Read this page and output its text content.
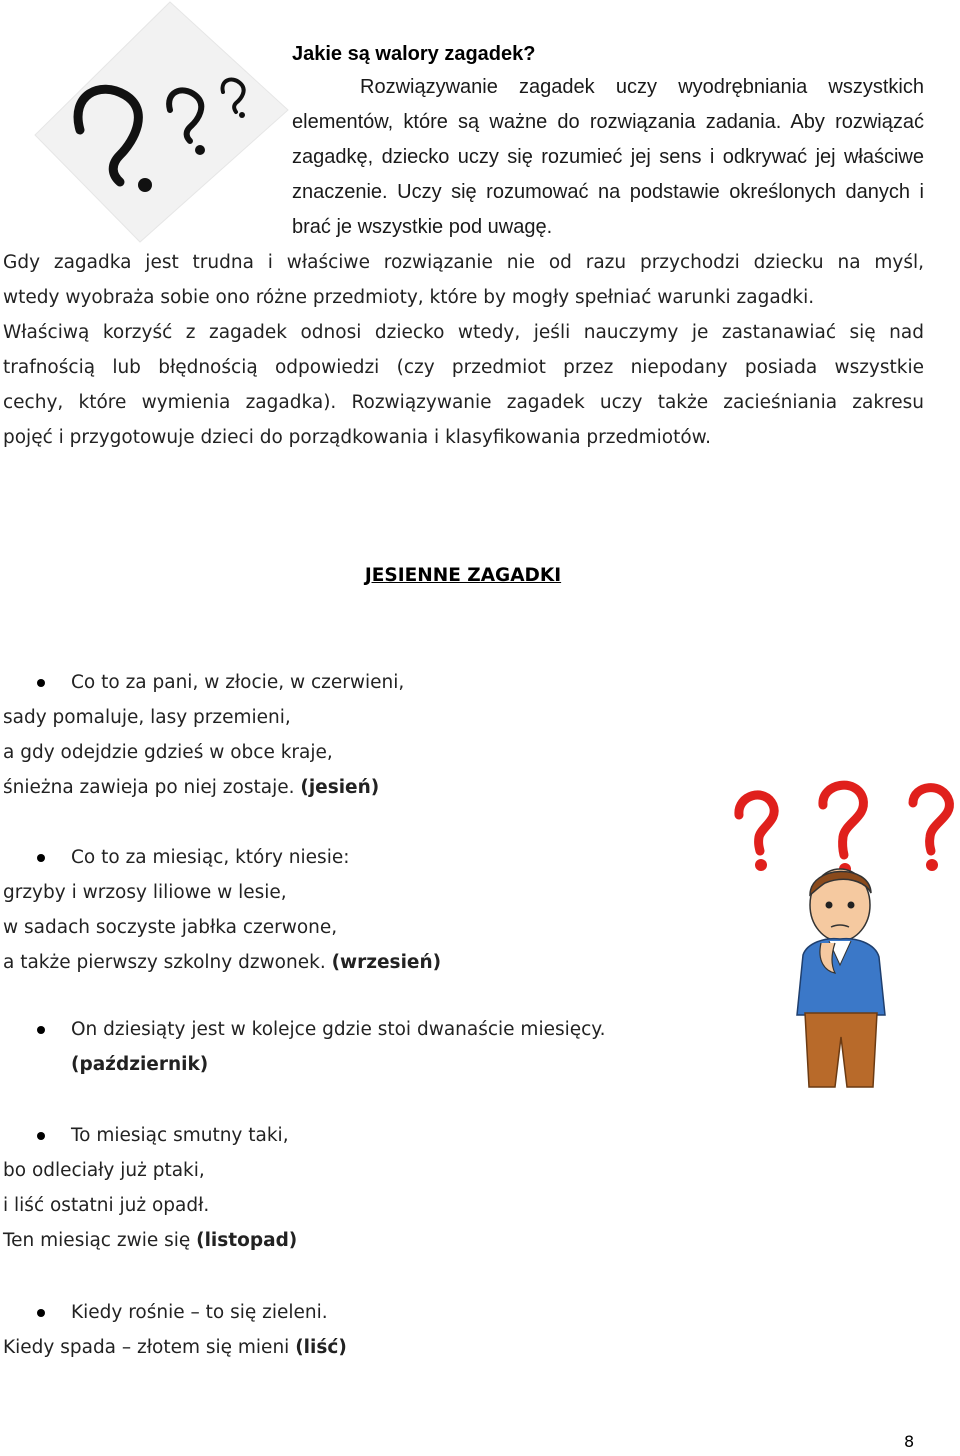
Jakie są walory zagadek?

Rozwiązywanie zagadek uczy wyodrębniania wszystkich elementów, które są ważne do rozwiązania zadania. Aby rozwiązać zagadkę, dziecko uczy się rozumieć jej sens i odkrywać jej właściwe znaczenie. Uczy się rozumować na podstawie określonych danych i brać je wszystkie pod uwagę.

Gdy zagadka jest trudna i właściwe rozwiązanie nie od razu przychodzi dziecku na myśl,
wtedy wyobraża sobie ono różne przedmioty, które by mogły spełniać warunki zagadki.
Właściwą korzyść z zagadek odnosi dziecko wtedy, jeśli nauczymy je zastanawiać się nad
trafnością lub błędnością odpowiedzi (czy przedmiot przez niepodany posiada wszystkie
cechy, które wymienia zagadka). Rozwiązywanie zagadek uczy także zacieśniania zakresu
pojęć i przygotowuje dzieci do porządkowania i klasyfikowania przedmiotów.
JESIENNE ZAGADKI
Co to za pani, w złocie, w czerwieni,
sady pomaluje, lasy przemieni,
a gdy odejdzie gdzieś w obce kraje,
śnieżna zawieja po niej zostaje. (jesień)
Co to za miesiąc, który niesie:
grzyby i wrzosy liliowe w lesie,
w sadach soczyste jabłka czerwone,
a także pierwszy szkolny dzwonek. (wrzesień)
On dziesiąty jest w kolejce gdzie stoi dwanaście miesięcy.
(październik)
To miesiąc smutny taki,
bo odleciały już ptaki,
i liść ostatni już opadł.
Ten miesiąc zwie się (listopad)
Kiedy rośnie – to się zieleni.
Kiedy spada – złotem się mieni (liść)
8
